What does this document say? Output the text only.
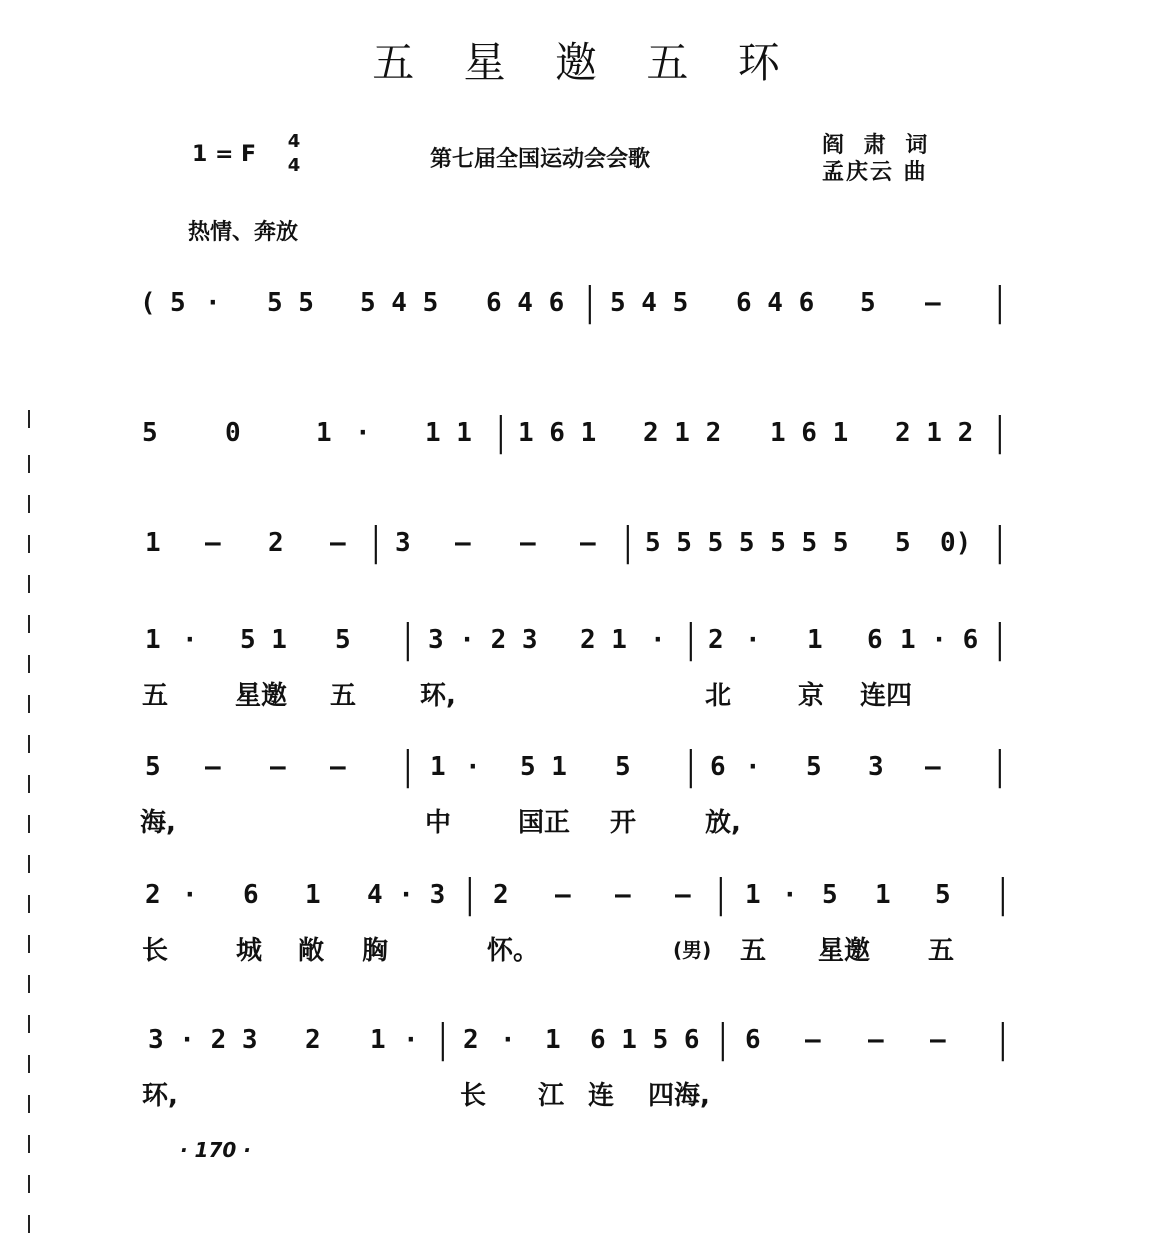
五 星 邀 五 环
1 = F
4
4	第七届全国运动会会歌
阎 肃 词
孟庆云 曲
热情、奔放
( 5 · 5 5 5 4 5 6 4 6 | 5 4 5 6 4 6 5 — |
5	0	1 · 1 1 | 1 6 1 2 1 2 1 6 1 2 1 2 |
1 — 2 — | 3 — — — | 5 5 5 5 5 5 5 5 0) |
1 · 5 1 5 | 3 · 2 3 2 1 · | 2 · 1 6 1 · 6 |
五	星邀 五 环,	北	京 连四
5 — — — | 1 · 5 1 5 | 6 · 5 3 — |
海,	中	国正 开	放,
2 · 6 1 4 · 3 | 2 — — — | 1 · 5 1 5 |
长	城 敞 胸	怀。	(男) 五 星邀 五
3 · 2 3 2 1 · | 2 · 1 6 1 5 6 | 6 — — — |
环,	长 江 连 四海,
· 170 ·
